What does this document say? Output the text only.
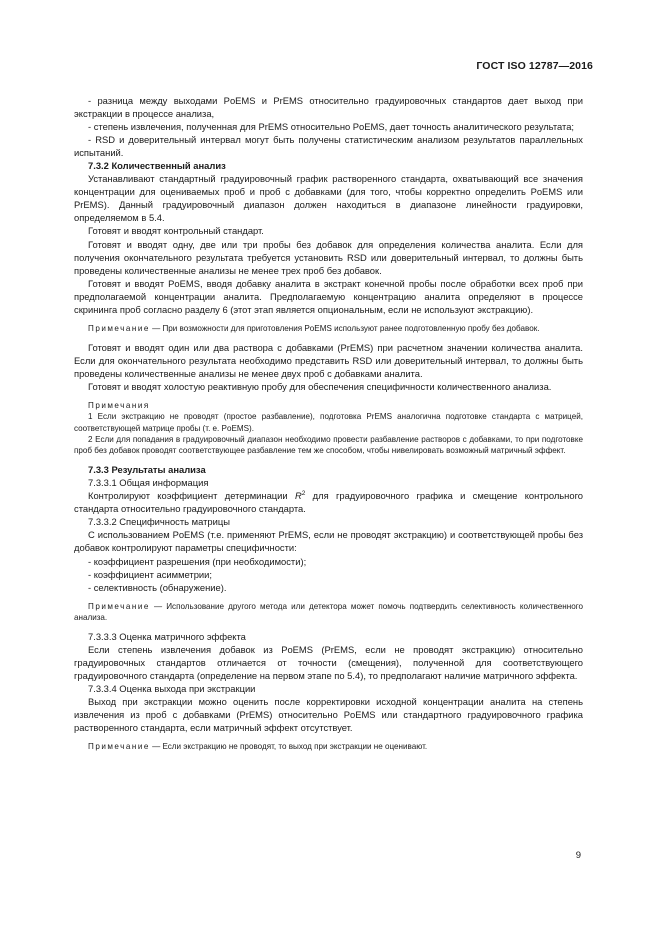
ГОСТ ISO 12787—2016

- разница между выходами PoEMS и PrEMS относительно градуировочных стандартов дает выход при экстракции в процессе анализа,

- степень извлечения, полученная для PrEMS относительно PoEMS, дает точность аналитического результата;

- RSD и доверительный интервал могут быть получены статистическим анализом результатов параллельных испытаний.

7.3.2 Количественный анализ

Устанавливают стандартный градуировочный график растворенного стандарта, охватывающий все значения концентрации для оцениваемых проб и проб с добавками (для того, чтобы корректно определить PoEMS или PrEMS). Данный градуировочный диапазон должен находиться в диапазоне линейности градуировки, определяемом в 5.4.

Готовят и вводят контрольный стандарт.

Готовят и вводят одну, две или три пробы без добавок для определения количества аналита. Если для получения окончательного результата требуется установить RSD или доверительный интервал, то должны быть проведены количественные анализы не менее трех проб без добавок.

Готовят и вводят PoEMS, вводя добавку аналита в экстракт конечной пробы после обработки всех проб при предполагаемой концентрации аналита. Предполагаемую концентрацию аналита определяют в процессе скрининга проб согласно разделу 6 (этот этап является опциональным, если не используют экстракцию).

Примечание — При возможности для приготовления PoEMS используют ранее подготовленную пробу без добавок.

Готовят и вводят один или два раствора с добавками (PrEMS) при расчетном значении количества аналита. Если для окончательного результата необходимо представить RSD или доверительный интервал, то должны быть проведены количественные анализы не менее двух проб с добавками аналита.

Готовят и вводят холостую реактивную пробу для обеспечения специфичности количественного анализа.

Примечания

1 Если экстракцию не проводят (простое разбавление), подготовка PrEMS аналогична подготовке стандарта с матрицей, соответствующей матрице пробы (т. е. PoEMS).

2 Если для попадания в градуировочный диапазон необходимо провести разбавление растворов с добавками, то при подготовке проб без добавок проводят соответствующее разбавление тем же способом, чтобы нивелировать возможный матричный эффект.

7.3.3 Результаты анализа

7.3.3.1 Общая информация

Контролируют коэффициент детерминации $R^2$ для градуировочного графика и смещение контрольного стандарта относительно градуировочного стандарта.

7.3.3.2 Специфичность матрицы

С использованием PoEMS (т.е. применяют PrEMS, если не проводят экстракцию) и соответствующей пробы без добавок контролируют параметры специфичности:

- коэффициент разрешения (при необходимости);

- коэффициент асимметрии;

- селективность (обнаружение).

Примечание — Использование другого метода или детектора может помочь подтвердить селективность количественного анализа.

7.3.3.3 Оценка матричного эффекта

Если степень извлечения добавок из PoEMS (PrEMS, если не проводят экстракцию) относительно градуировочных стандартов отличается от точности (смещения), полученной для соответствующего градуировочного стандарта (определение на первом этапе по 5.4), то предполагают наличие матричного эффекта.

7.3.3.4 Оценка выхода при экстракции

Выход при экстракции можно оценить после корректировки исходной концентрации аналита на степень извлечения из проб с добавками (PrEMS) относительно PoEMS или стандартного градуировочного графика растворенного стандарта, если матричный эффект отсутствует.

Примечание — Если экстракцию не проводят, то выход при экстракции не оценивают.

9
